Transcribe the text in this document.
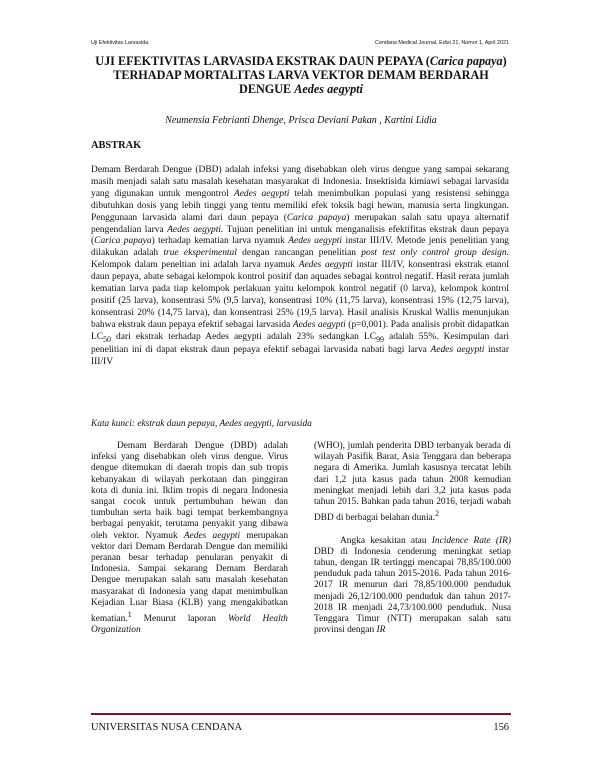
Uji Efektivitas Larvasida	Cendana Medical Journal, Edisi 21, Nomor 1, April 2021
UJI EFEKTIVITAS LARVASIDA EKSTRAK DAUN PEPAYA (Carica papaya) TERHADAP MORTALITAS LARVA VEKTOR DEMAM BERDARAH DENGUE Aedes aegypti
Neumensia Febrianti Dhenge, Prisca Deviani Pakan , Kartini Lidia
ABSTRAK

Demam Berdarah Dengue (DBD) adalah infeksi yang disebabkan oleh virus dengue yang sampai sekarang masih menjadi salah satu masalah kesehatan masyarakat di Indonesia. Insektisida kimiawi sebagai larvasida yang digunakan untuk mengontrol Aedes aegypti telah menimbulkan populasi yang resistensi sehingga dibutuhkan dosis yang lebih tinggi yang tentu memiliki efek toksik bagi hewan, manusia serta lingkungan. Penggunaan larvasida alami dari daun pepaya (Carica papaya) merupakan salah satu upaya alternatif pengendalian larva Aedes aegypti. Tujuan penelitian ini untuk menganalisis efektifitas ekstrak daun pepaya (Carica papaya) terhadap kematian larva nyamuk Aedes aegypti instar III/IV. Metode jenis penelitian yang dilakukan adalah true eksperimental dengan rancangan penelitian post test only control group design. Kelompok dalam peneltian ini adalah larva nyamuk Aedes aegypti instar III/IV, konsentrasi ekstrak etanol daun pepaya, abate sebagai kelompok kontrol positif dan aquades sebagai kontrol negatif. Hasil rerata jumlah kematian larva pada tiap kelompok perlakuan yaitu kelompok kontrol negatif (0 larva), kelompok kontrol positif (25 larva), konsentrasi 5% (9,5 larva), konsentrasi 10% (11,75 larva), konsentrasi 15% (12,75 larva), konsentrasi 20% (14,75 larva), dan konsentrasi 25% (19,5 larva). Hasil analisis Kruskal Wallis menunjukan bahwa ekstrak daun pepaya efektif sebagai larvasida Aedes aegypti (p=0,001). Pada analisis probit didapatkan $LC_{50}$ dari ekstrak terhadap Aedes aegypti adalah 23% sedangkan $LC_{99}$ adalah 55%. Kesimpulan dari penelitian ini di dapat ekstrak daun pepaya efektif sebagai larvasida nabati bagi larva Aedes aegypti instar III/IV

Kata kunci: ekstrak daun pepaya, Aedes aegypti, larvasida

Demam Berdarah Dengue (DBD) adalah infeksi yang disebabkan oleh virus dengue. Virus dengue ditemukan di daerah tropis dan sub tropis kebanyakan di wilayah perkotaan dan pinggiran kota di dunia ini. Iklim tropis di negara Indonesia sangat cocok untuk pertumbuhan hewan dan tumbuhan serta baik bagi tempat berkembangnya berbagai penyakit, terutama penyakit yang dibawa oleh vektor. Nyamuk Aedes aegypti merupakan vektor dari Demam Berdarah Dengue dan memiliki peranan besar terhadap penularan penyakit di Indonesia. Sampai sekarang Demam Berdarah Dengue merupakan salah satu masalah kesehatan masyarakat di Indonesia yang dapat menimbulkan Kejadian Luar Biasa (KLB) yang mengakibatkan kematian.$^1$ Menurut laporan World Health Organization

(WHO), jumlah penderita DBD terbanyak berada di wilayah Pasifik Barat, Asia Tenggara dan beberapa negara di Amerika. Jumlah kasusnya tercatat lebih dari 1,2 juta kasus pada tahun 2008 kemudian meningkat menjadi lebih dari 3,2 juta kasus pada tahun 2015. Bahkan pada tahun 2016, terjadi wabah DBD di berbagai belahan dunia.$^2$

Angka kesakitan atau Incidence Rate (IR) DBD di Indonesia cenderung meningkat setiap tahun, dengan IR tertinggi mencapai 78,85/100.000 penduduk pada tahun 2015-2016. Pada tahun 2016-2017 IR menurun dari 78,85/100.000 penduduk menjadi 26,12/100.000 penduduk dan tahun 2017-2018 IR menjadi 24,73/100.000 penduduk. Nusa Tenggara Timur (NTT) merupakan salah satu provinsi dengan IR

UNIVERSITAS NUSA CENDANA	156
